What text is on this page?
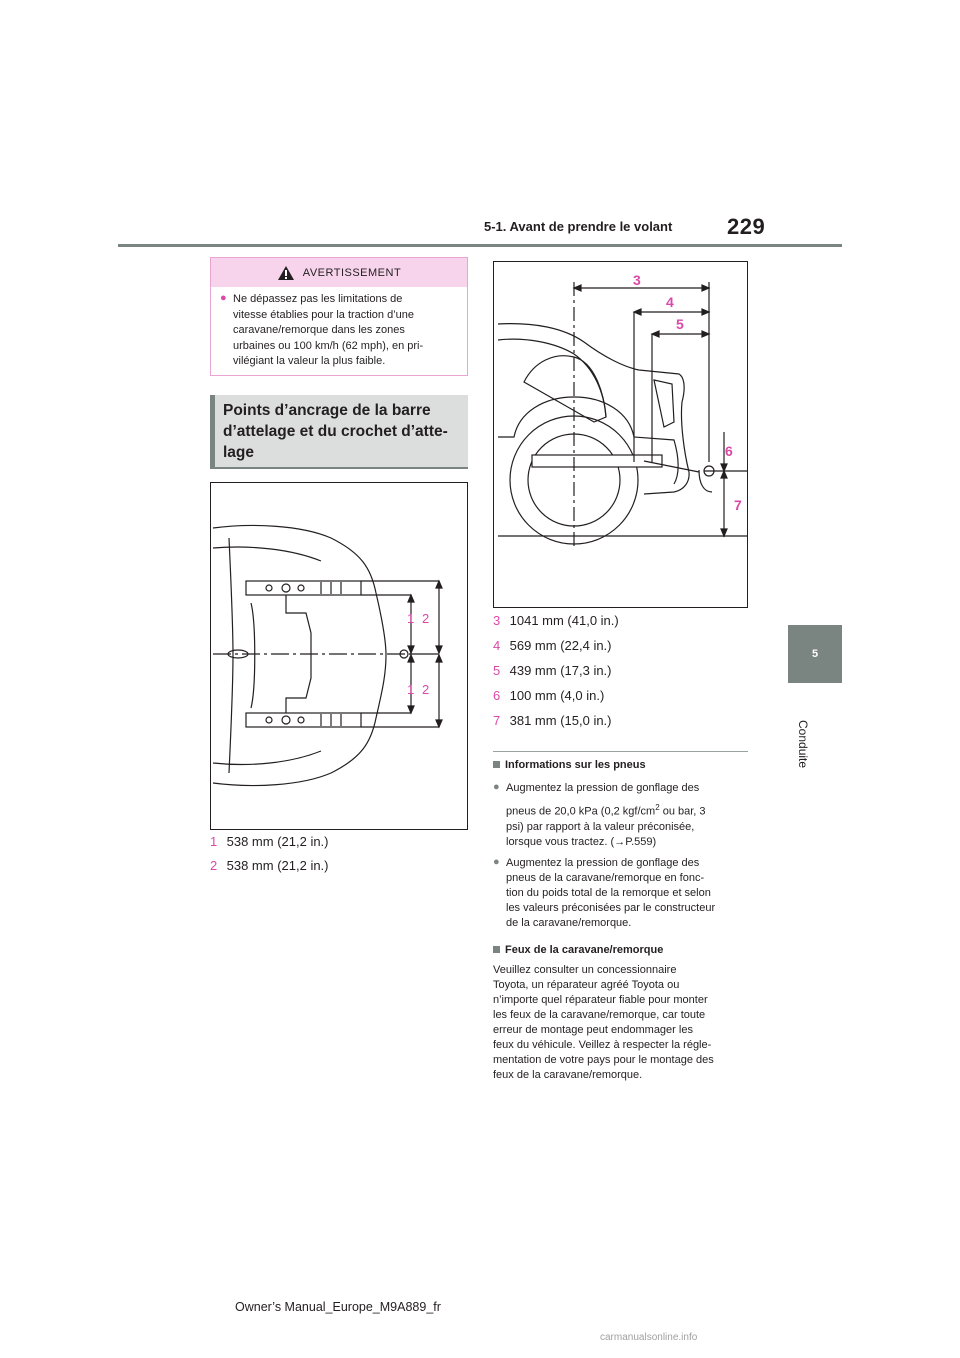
5-1. Avant de prendre le volant 229
5
Conduite
AVERTISSEMENT
● Ne dépassez pas les limitations de
vitesse établies pour la traction d’une
caravane/remorque dans les zones
urbaines ou 100 km/h (62 mph), en pri-
vilégiant la valeur la plus faible.
Points d’ancrage de la barre
d’attelage et du crochet d’atte-
lage
1 2
1 2
1 538 mm (21,2 in.)
2 538 mm (21,2 in.)
3
4
5
6
7
3 1041 mm (41,0 in.)
4 569 mm (22,4 in.)
5 439 mm (17,3 in.)
6 100 mm (4,0 in.)
7 381 mm (15,0 in.)
Informations sur les pneus
● Augmentez la pression de gonflage des
pneus de 20,0 kPa (0,2 kgf/$cm^2$ ou bar, 3
psi) par rapport à la valeur préconisée,
lorsque vous tractez. (→P.559)
● Augmentez la pression de gonflage des
pneus de la caravane/remorque en fonc-
tion du poids total de la remorque et selon
les valeurs préconisées par le constructeur
de la caravane/remorque.
Feux de la caravane/remorque
Veuillez consulter un concessionnaire
Toyota, un réparateur agréé Toyota ou
n’importe quel réparateur fiable pour monter
les feux de la caravane/remorque, car toute
erreur de montage peut endommager les
feux du véhicule. Veillez à respecter la régle-
mentation de votre pays pour le montage des
feux de la caravane/remorque.
Owner’s Manual_Europe_M9A889_fr
carmanualsonline.info
